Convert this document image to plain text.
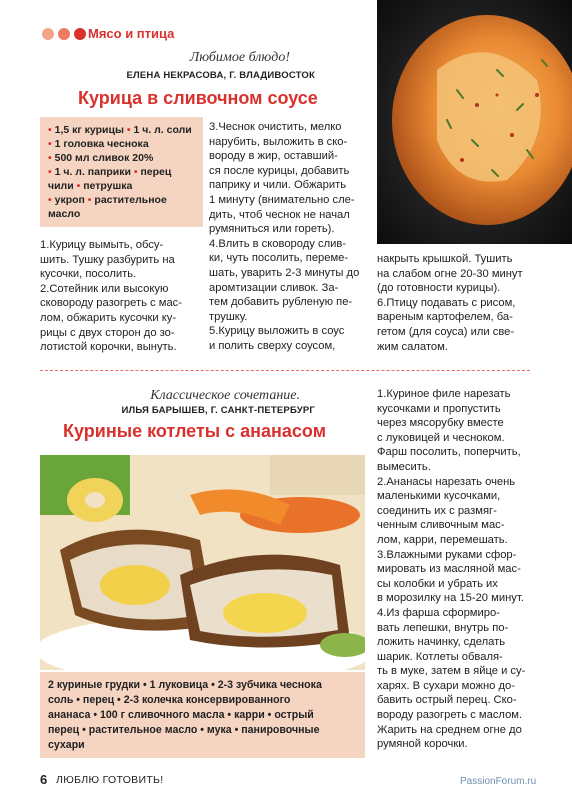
Мясо и птица
Любимое блюдо!
ЕЛЕНА НЕКРАСОВА, Г. ВЛАДИВОСТОК
Курица в сливочном соусе
• 1,5 кг курицы • 1 ч. л. соли • 1 головка чеснока
• 500 мл сливок 20%
• 1 ч. л. паприки • перец чили • петрушка
• укроп • растительное масло
1.Курицу вымыть, обсу-
шить. Тушку разбурить на
кусочки, посолить.
2.Сотейник или высокую
сковороду разогреть с мас-
лом, обжарить кусочки ку-
рицы с двух сторон до зо-
лотистой корочки, вынуть.
3.Чеснок очистить, мелко
нарубить, выложить в ско-
вороду в жир, оставший-
ся после курицы, добавить
паприку и чили. Обжарить
1 минуту (внимательно сле-
дить, чтоб чеснок не начал
румяниться или гореть).
4.Влить в сковороду слив-
ки, чуть посолить, переме-
шать, уварить 2-3 минуты до
аромтизации сливок. За-
тем добавить рубленую пе-
трушку.
5.Курицу выложить в соус
и полить сверху соусом,
накрыть крышкой. Тушить
на слабом огне 20-30 минут
(до готовности курицы).
6.Птицу подавать с рисом,
вареным картофелем, ба-
гетом (для соуса) или све-
жим салатом.
Классическое сочетание.
ИЛЬЯ БАРЫШЕВ, Г. САНКТ-ПЕТЕРБУРГ
Куриные котлеты с ананасом
2 куриные грудки • 1 луковица • 2-3 зубчика чеснока
соль • перец • 2-3 колечка консервированного
ананаса • 100 г сливочного масла • карри • острый
перец • растительное масло • мука • панировочные
сухари
1.Куриное филе нарезать
кусочками и пропустить
через мясорубку вместе
с луковицей и чесноком.
Фарш посолить, поперчить,
вымесить.
2.Ананасы нарезать очень
маленькими кусочками,
соединить их с размяг-
ченным сливочным мас-
лом, карри, перемешать.
3.Влажными руками сфор-
мировать из масляной мас-
сы колобки и убрать их
в морозилку на 15-20 минут.
4.Из фарша сформиро-
вать лепешки, внутрь по-
ложить начинку, сделать
шарик. Котлеты обваля-
ть в муке, затем в яйце и су-
харях. В сухари можно до-
бавить острый перец. Ско-
вороду разогреть с маслом.
Жарить на среднем огне до
румяной корочки.
6 ЛЮБЛЮ ГОТОВИТЬ!	PassionForum.ru
